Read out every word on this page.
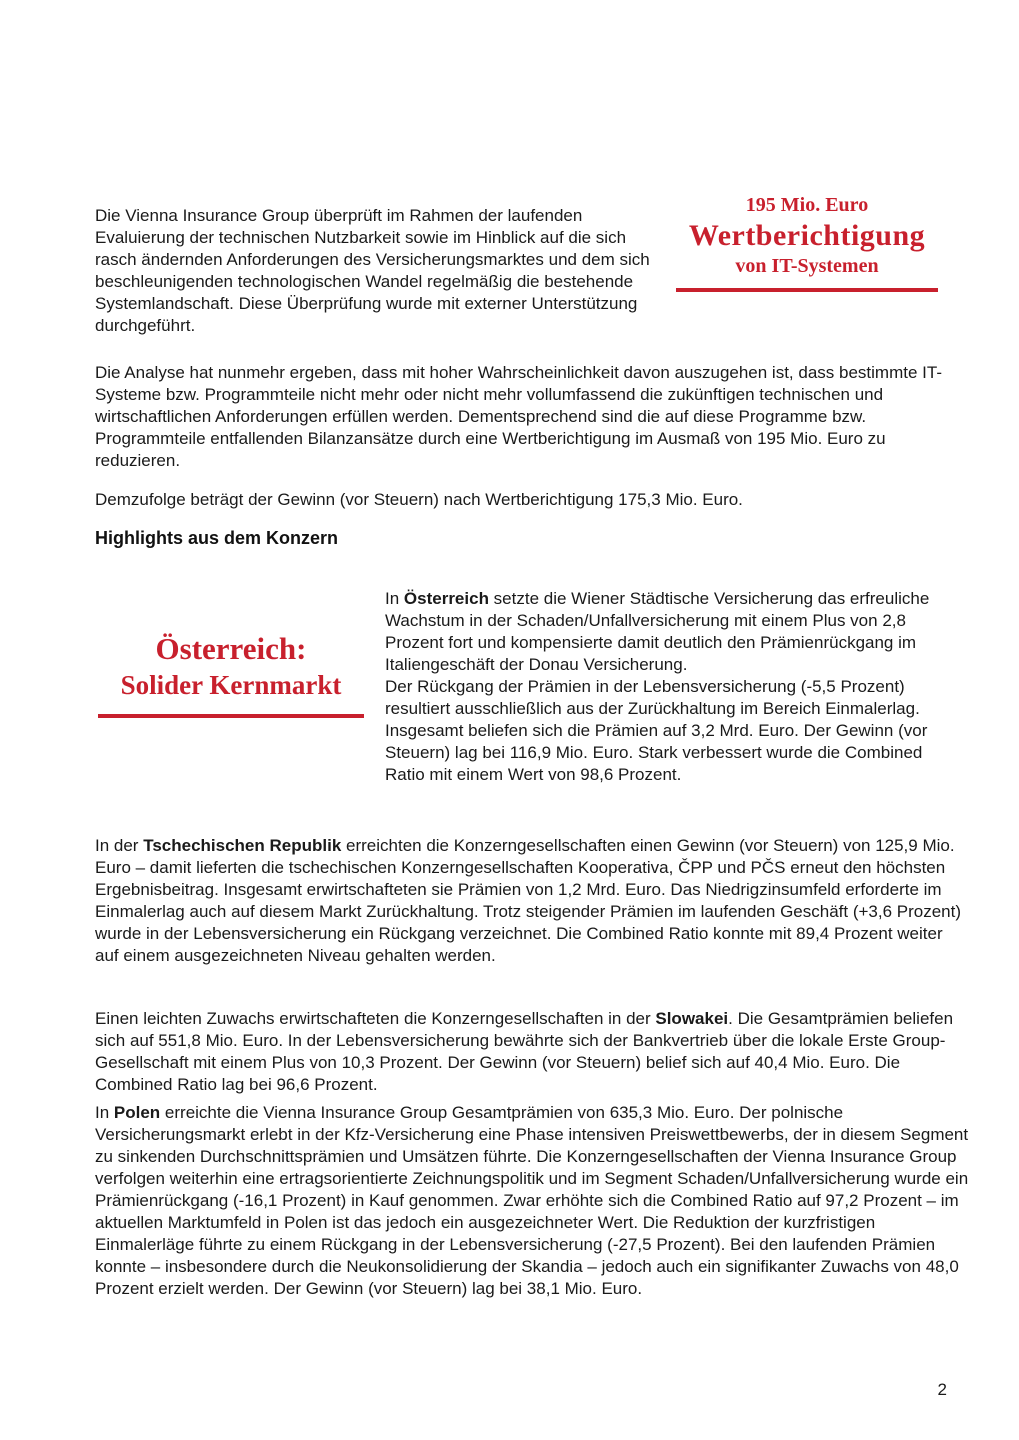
Die Vienna Insurance Group überprüft im Rahmen der laufenden Evaluierung der technischen Nutzbarkeit sowie im Hinblick auf die sich rasch ändernden Anforderungen des Versicherungsmarktes und dem sich beschleunigenden technologischen Wandel regelmäßig die bestehende Systemlandschaft. Diese Überprüfung wurde mit externer Unterstützung durchgeführt.

195 Mio. Euro
Wertberichtigung
von IT-Systemen

Die Analyse hat nunmehr ergeben, dass mit hoher Wahrscheinlichkeit davon auszugehen ist, dass bestimmte IT-Systeme bzw. Programmteile nicht mehr oder nicht mehr vollumfassend die zukünftigen technischen und wirtschaftlichen Anforderungen erfüllen werden. Dementsprechend sind die auf diese Programme bzw. Programmteile entfallenden Bilanzansätze durch eine Wertberichtigung im Ausmaß von 195 Mio. Euro zu reduzieren.

Demzufolge beträgt der Gewinn (vor Steuern) nach Wertberichtigung 175,3 Mio. Euro.

Highlights aus dem Konzern
Österreich:
Solider Kernmarkt

In Österreich setzte die Wiener Städtische Versicherung das erfreuliche Wachstum in der Schaden/Unfallversicherung mit einem Plus von 2,8 Prozent fort und kompensierte damit deutlich den Prämienrückgang im Italiengeschäft der Donau Versicherung.

Der Rückgang der Prämien in der Lebensversicherung (-5,5 Prozent) resultiert ausschließlich aus der Zurückhaltung im Bereich Einmalerlag. Insgesamt beliefen sich die Prämien auf 3,2 Mrd. Euro. Der Gewinn (vor Steuern) lag bei 116,9 Mio. Euro. Stark verbessert wurde die Combined Ratio mit einem Wert von 98,6 Prozent.

In der Tschechischen Republik erreichten die Konzerngesellschaften einen Gewinn (vor Steuern) von 125,9 Mio. Euro – damit lieferten die tschechischen Konzerngesellschaften Kooperativa, ČPP und PČS erneut den höchsten Ergebnisbeitrag. Insgesamt erwirtschafteten sie Prämien von 1,2 Mrd. Euro. Das Niedrigzinsumfeld erforderte im Einmalerlag auch auf diesem Markt Zurückhaltung. Trotz steigender Prämien im laufenden Geschäft (+3,6 Prozent) wurde in der Lebensversicherung ein Rückgang verzeichnet. Die Combined Ratio konnte mit 89,4 Prozent weiter auf einem ausgezeichneten Niveau gehalten werden.

Einen leichten Zuwachs erwirtschafteten die Konzerngesellschaften in der Slowakei. Die Gesamtprämien beliefen sich auf 551,8 Mio. Euro. In der Lebensversicherung bewährte sich der Bankvertrieb über die lokale Erste Group-Gesellschaft mit einem Plus von 10,3 Prozent. Der Gewinn (vor Steuern) belief sich auf 40,4 Mio. Euro. Die Combined Ratio lag bei 96,6 Prozent.

In Polen erreichte die Vienna Insurance Group Gesamtprämien von 635,3 Mio. Euro. Der polnische Versicherungsmarkt erlebt in der Kfz-Versicherung eine Phase intensiven Preiswettbewerbs, der in diesem Segment zu sinkenden Durchschnittsprämien und Umsätzen führte. Die Konzerngesellschaften der Vienna Insurance Group verfolgen weiterhin eine ertragsorientierte Zeichnungspolitik und im Segment Schaden/Unfallversicherung wurde ein Prämienrückgang (-16,1 Prozent) in Kauf genommen. Zwar erhöhte sich die Combined Ratio auf 97,2 Prozent – im aktuellen Marktumfeld in Polen ist das jedoch ein ausgezeichneter Wert. Die Reduktion der kurzfristigen Einmalerläge führte zu einem Rückgang in der Lebensversicherung (-27,5 Prozent). Bei den laufenden Prämien konnte – insbesondere durch die Neukonsolidierung der Skandia – jedoch auch ein signifikanter Zuwachs von 48,0 Prozent erzielt werden. Der Gewinn (vor Steuern) lag bei 38,1 Mio. Euro.

2
